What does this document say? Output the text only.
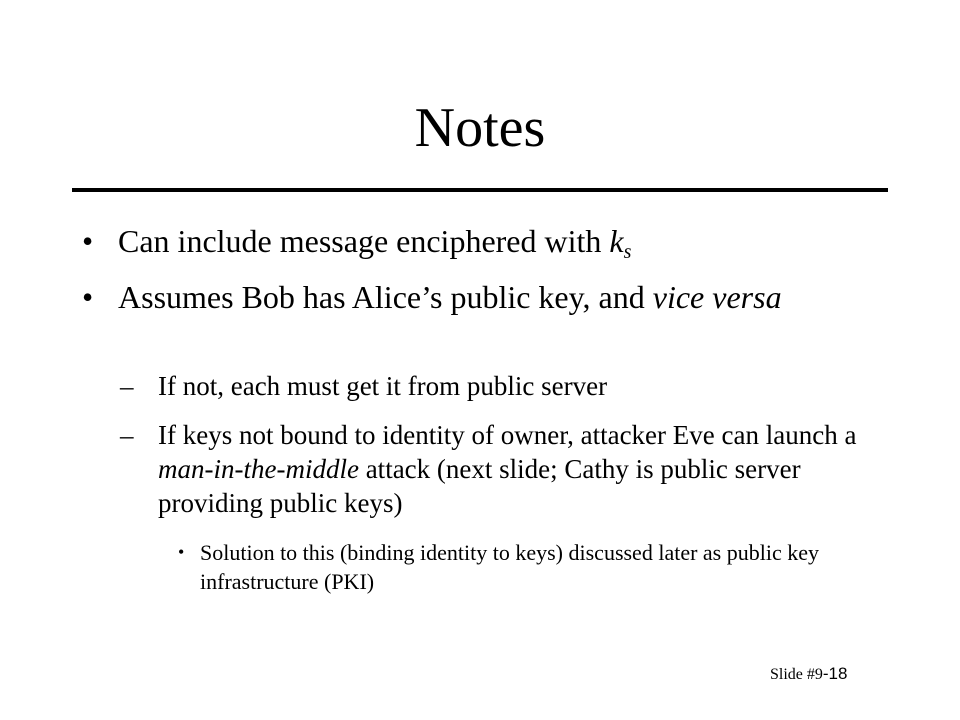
Notes
• Can include message enciphered with $k_s$
• Assumes Bob has Alice’s public key, and vice versa
– If not, each must get it from public server
– If keys not bound to identity of owner, attacker Eve can launch a man-in-the-middle attack (next slide; Cathy is public server providing public keys)
• Solution to this (binding identity to keys) discussed later as public key infrastructure (PKI)
Slide #9-18
